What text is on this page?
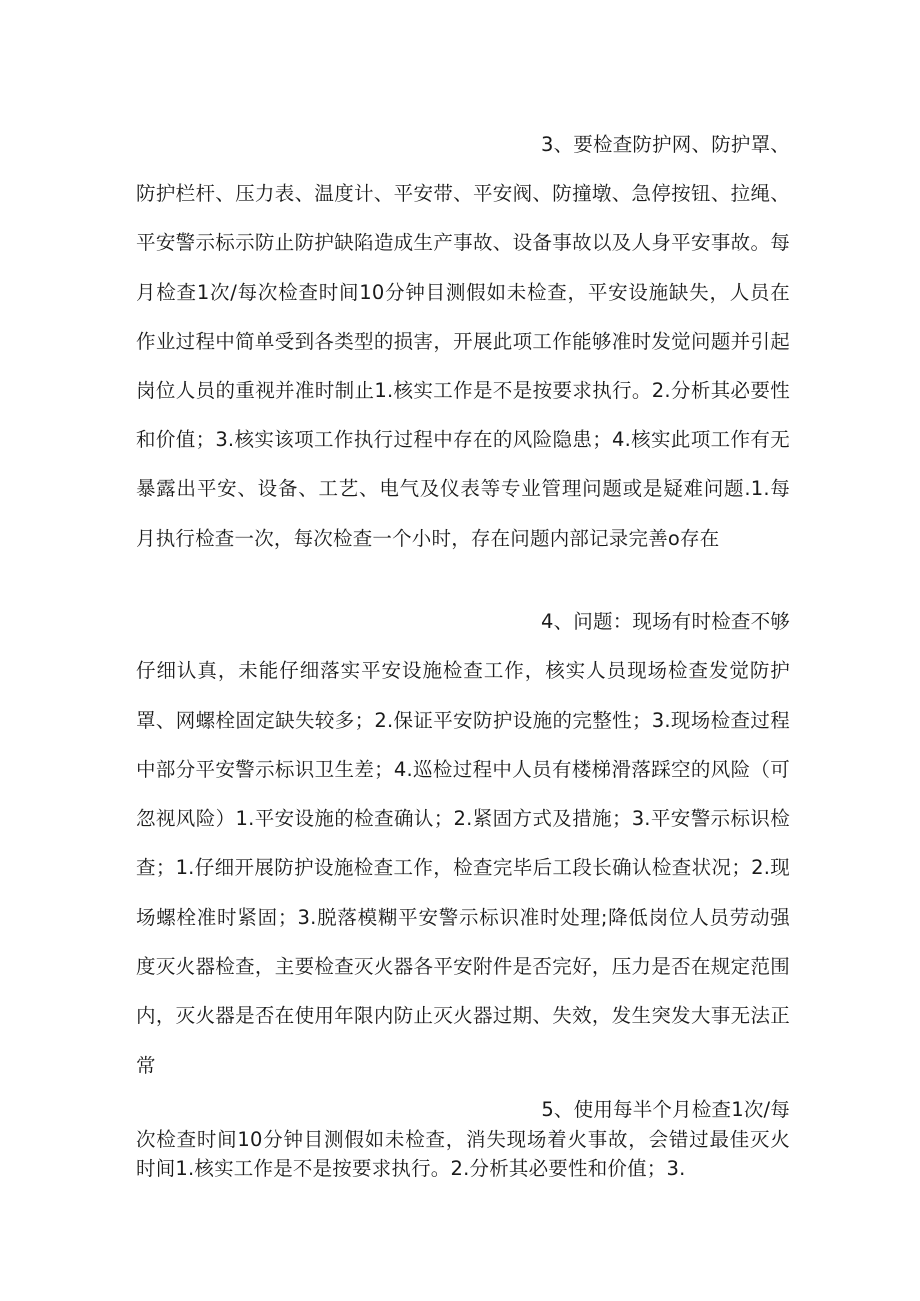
3、要检查防护网、防护罩、
防护栏杆、压力表、温度计、平安带、平安阀、防撞墩、急停按钮、拉绳、平安警示标示防止防护缺陷造成生产事故、设备事故以及人身平安事故。每月检查1次/每次检查时间10分钟目测假如未检查，平安设施缺失，人员在作业过程中简单受到各类型的损害，开展此项工作能够准时发觉问题并引起岗位人员的重视并准时制止1.核实工作是不是按要求执行。2.分析其必要性和价值；3.核实该项工作执行过程中存在的风险隐患；4.核实此项工作有无暴露出平安、设备、工艺、电气及仪表等专业管理问题或是疑难问题.1.每月执行检查一次，每次检查一个小时，存在问题内部记录完善o存在

4、问题：现场有时检查不够
仔细认真，未能仔细落实平安设施检查工作，核实人员现场检查发觉防护罩、网螺栓固定缺失较多；2.保证平安防护设施的完整性；3.现场检查过程中部分平安警示标识卫生差；4.巡检过程中人员有楼梯滑落踩空的风险（可忽视风险）1.平安设施的检查确认；2.紧固方式及措施；3.平安警示标识检查；1.仔细开展防护设施检查工作，检查完毕后工段长确认检查状况；2.现场螺栓准时紧固；3.脱落模糊平安警示标识准时处理;降低岗位人员劳动强度灭火器检查，主要检查灭火器各平安附件是否完好，压力是否在规定范围内，灭火器是否在使用年限内防止灭火器过期、失效，发生突发大事无法正常

5、使用每半个月检查1次/每
次检查时间10分钟目测假如未检查，消失现场着火事故，会错过最佳灭火时间1.核实工作是不是按要求执行。2.分析其必要性和价值；3.
